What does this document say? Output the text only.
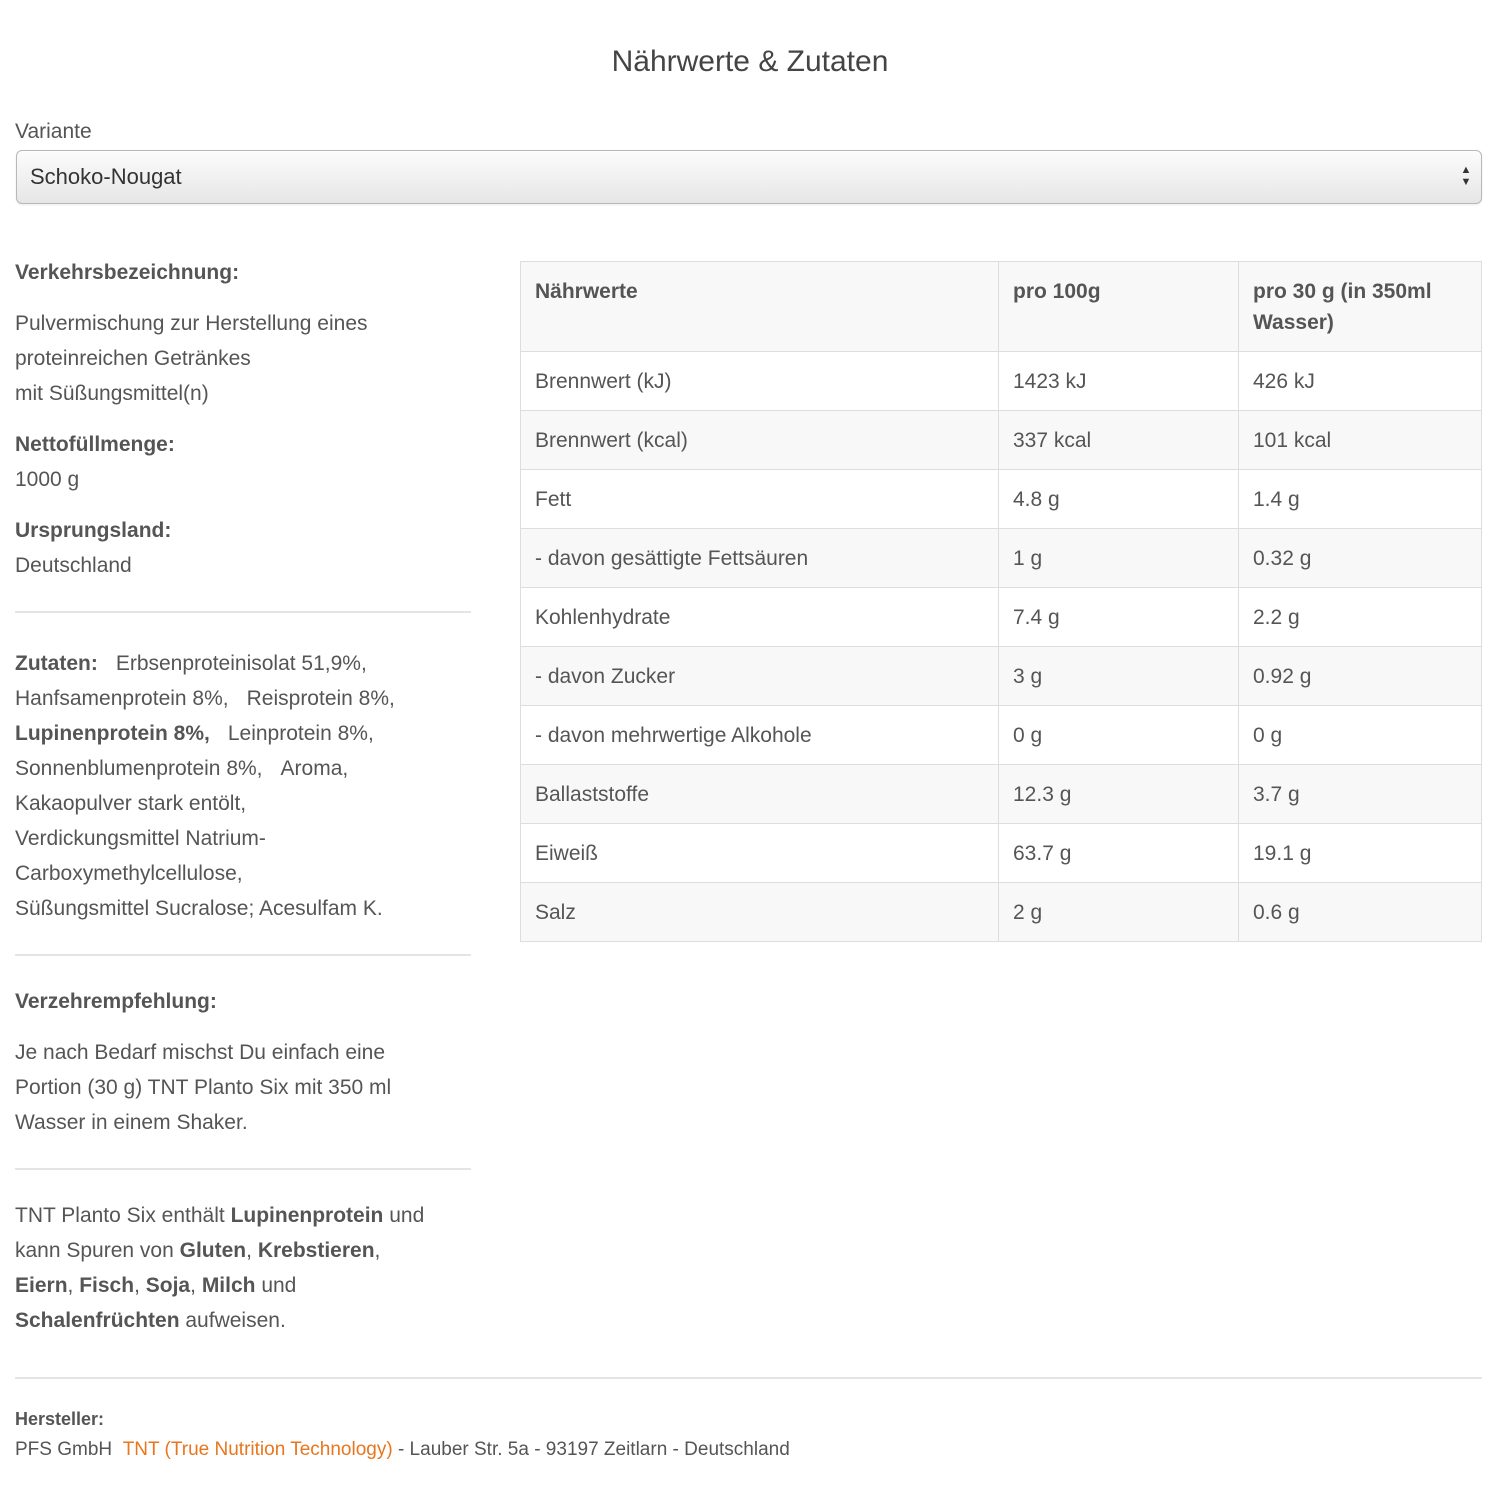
Nährwerte & Zutaten
Variante
Schoko-Nougat	▲
▼
Verkehrsbezeichnung:
Pulvermischung zur Herstellung eines
proteinreichen Getränkes
mit Süßungsmittel(n)
Nettofüllmenge:
1000 g
Ursprungsland:
Deutschland
Zutaten: Erbsenproteinisolat 51,9%,
Hanfsamenprotein 8%, Reisprotein 8%,
Lupinenprotein 8%, Leinprotein 8%,
Sonnenblumenprotein 8%, Aroma,
Kakaopulver stark entölt,
Verdickungsmittel Natrium-
Carboxymethylcellulose,
Süßungsmittel Sucralose; Acesulfam K.
Verzehrempfehlung:
Je nach Bedarf mischst Du einfach eine
Portion (30 g) TNT Planto Six mit 350 ml
Wasser in einem Shaker.
TNT Planto Six enthält Lupinenprotein und
kann Spuren von Gluten, Krebstieren,
Eiern, Fisch, Soja, Milch und
Schalenfrüchten aufweisen.
Nährwerte	pro 100g	pro 30 g (in 350ml Wasser)
Brennwert (kJ)	1423 kJ	426 kJ
Brennwert (kcal)	337 kcal	101 kcal
Fett	4.8 g	1.4 g
- davon gesättigte Fettsäuren	1 g	0.32 g
Kohlenhydrate	7.4 g	2.2 g
- davon Zucker	3 g	0.92 g
- davon mehrwertige Alkohole	0 g	0 g
Ballaststoffe	12.3 g	3.7 g
Eiweiß	63.7 g	19.1 g
Salz	2 g	0.6 g
Hersteller:
PFS GmbH TNT (True Nutrition Technology) - Lauber Str. 5a - 93197 Zeitlarn - Deutschland
